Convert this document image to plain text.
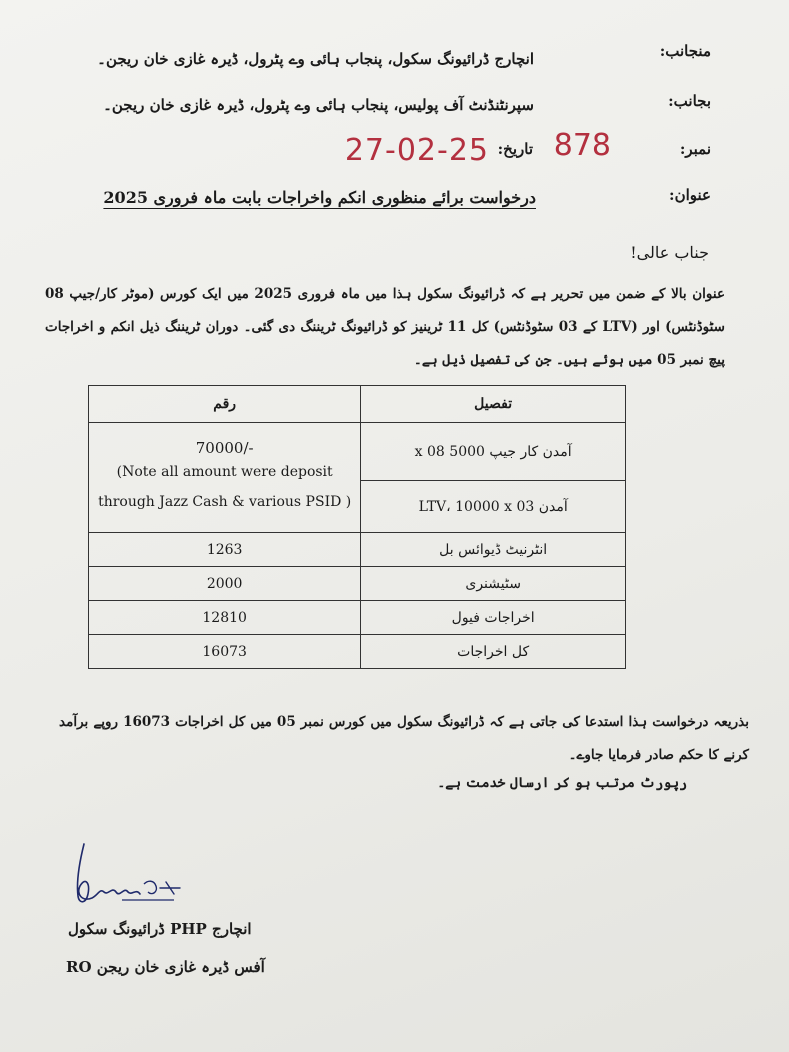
منجانب:
انچارج ڈرائیونگ سکول، پنجاب ہائی وے پٹرول، ڈیرہ غازی خان ریجن۔
بجانب:
سپرنٹنڈنٹ آف پولیس، پنجاب ہائی وے پٹرول، ڈیرہ غازی خان ریجن۔
نمبر:
878
تاریخ:
27-02-25
عنوان:
درخواست برائے منظوری انکم واخراجات بابت ماہ فروری 2025
جناب عالی!
عنوان بالا کے ضمن میں تحریر ہے کہ ڈرائیونگ سکول ہذا میں ماہ فروری 2025 میں ایک کورس (موٹر کار/جیپ 08 سٹوڈنٹس) اور (LTV کے 03 سٹوڈنٹس) کل 11 ٹرینیز کو ڈرائیونگ ٹریننگ دی گئی۔ دوران ٹریننگ ذیل انکم و اخراجات پیچ نمبر 05 میں ہوئے ہیں۔ جن کی تفصیل ذیل ہے۔
رقم	تفصیل

70000/-
(Note all amount were deposit through Jazz Cash & various PSID )	آمدن کار جیپ 5000 x 08
	آمدن LTV، 10000 x 03
1263	انٹرنیٹ ڈیوائس بل
2000	سٹیشنری
12810	اخراجات فیول
16073	کل اخراجات
بذریعہ درخواست ہذا استدعا کی جاتی ہے کہ ڈرائیونگ سکول میں کورس نمبر 05 میں کل اخراجات 16073 روپے برآمد کرنے کا حکم صادر فرمایا جاوے۔
رپورٹ مرتب ہو کر ارسال خدمت ہے۔
انچارج PHP ڈرائیونگ سکول
RO آفس ڈیرہ غازی خان ریجن
